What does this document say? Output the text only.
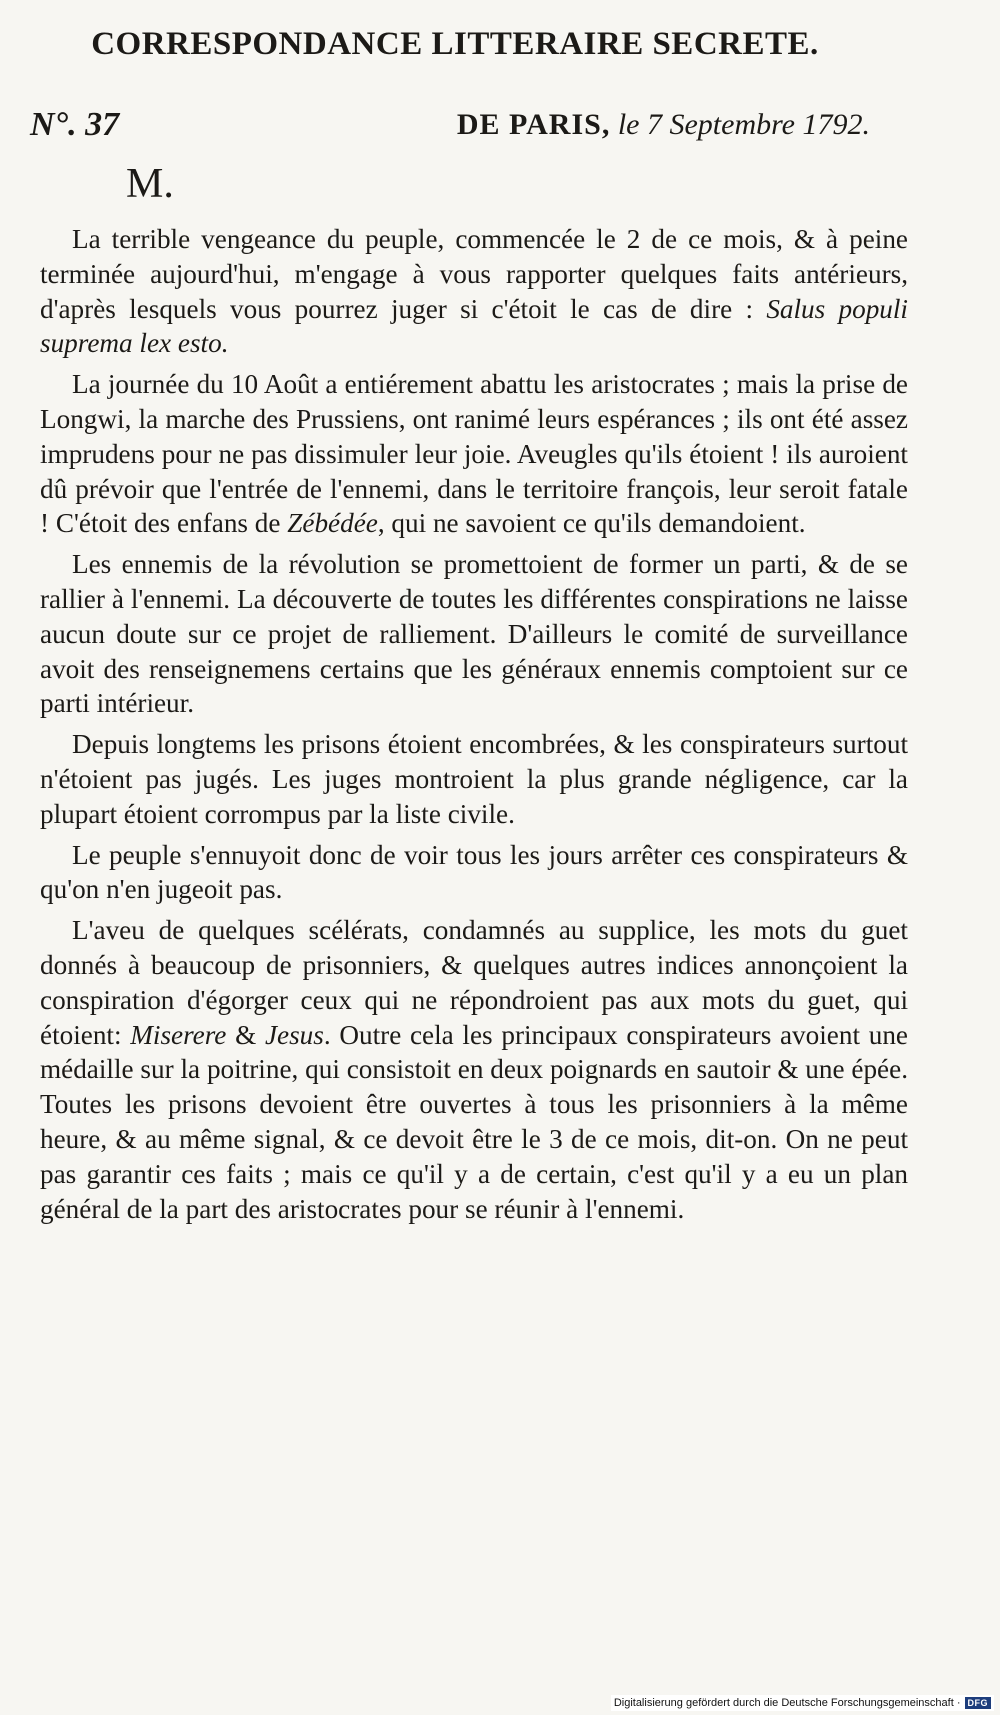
CORRESPONDANCE LITTERAIRE SECRETE.
N°. 37	DE PARIS, le 7 Septembre 1792.
M.

La terrible vengeance du peuple, commencée le 2 de ce mois, & à peine terminée aujourd'hui, m'engage à vous rapporter quelques faits antérieurs, d'après lesquels vous pourrez juger si c'étoit le cas de dire : Salus populi suprema lex esto.

La journée du 10 Août a entiérement abattu les aristocrates ; mais la prise de Longwi, la marche des Prussiens, ont ranimé leurs espérances ; ils ont été assez imprudens pour ne pas dissimuler leur joie. Aveugles qu'ils étoient ! ils auroient dû prévoir que l'entrée de l'ennemi, dans le territoire françois, leur seroit fatale ! C'étoit des enfans de Zébédée, qui ne savoient ce qu'ils demandoient.

Les ennemis de la révolution se promettoient de former un parti, & de se rallier à l'ennemi. La découverte de toutes les différentes conspirations ne laisse aucun doute sur ce projet de ralliement. D'ailleurs le comité de surveillance avoit des renseignemens certains que les généraux ennemis comptoient sur ce parti intérieur.

Depuis longtems les prisons étoient encombrées, & les conspirateurs surtout n'étoient pas jugés. Les juges montroient la plus grande négligence, car la plupart étoient corrompus par la liste civile.

Le peuple s'ennuyoit donc de voir tous les jours arrêter ces conspirateurs & qu'on n'en jugeoit pas.

L'aveu de quelques scélérats, condamnés au supplice, les mots du guet donnés à beaucoup de prisonniers, & quelques autres indices annonçoient la conspiration d'égorger ceux qui ne répondroient pas aux mots du guet, qui étoient: Miserere & Jesus. Outre cela les principaux conspirateurs avoient une médaille sur la poitrine, qui consistoit en deux poignards en sautoir & une épée. Toutes les prisons devoient être ouvertes à tous les prisonniers à la même heure, & au même signal, & ce devoit être le 3 de ce mois, dit-on. On ne peut pas garantir ces faits ; mais ce qu'il y a de certain, c'est qu'il y a eu un plan général de la part des aristocrates pour se réunir à l'ennemi.

Digitalisierung gefördert durch die Deutsche Forschungsgemeinschaft · DFG
